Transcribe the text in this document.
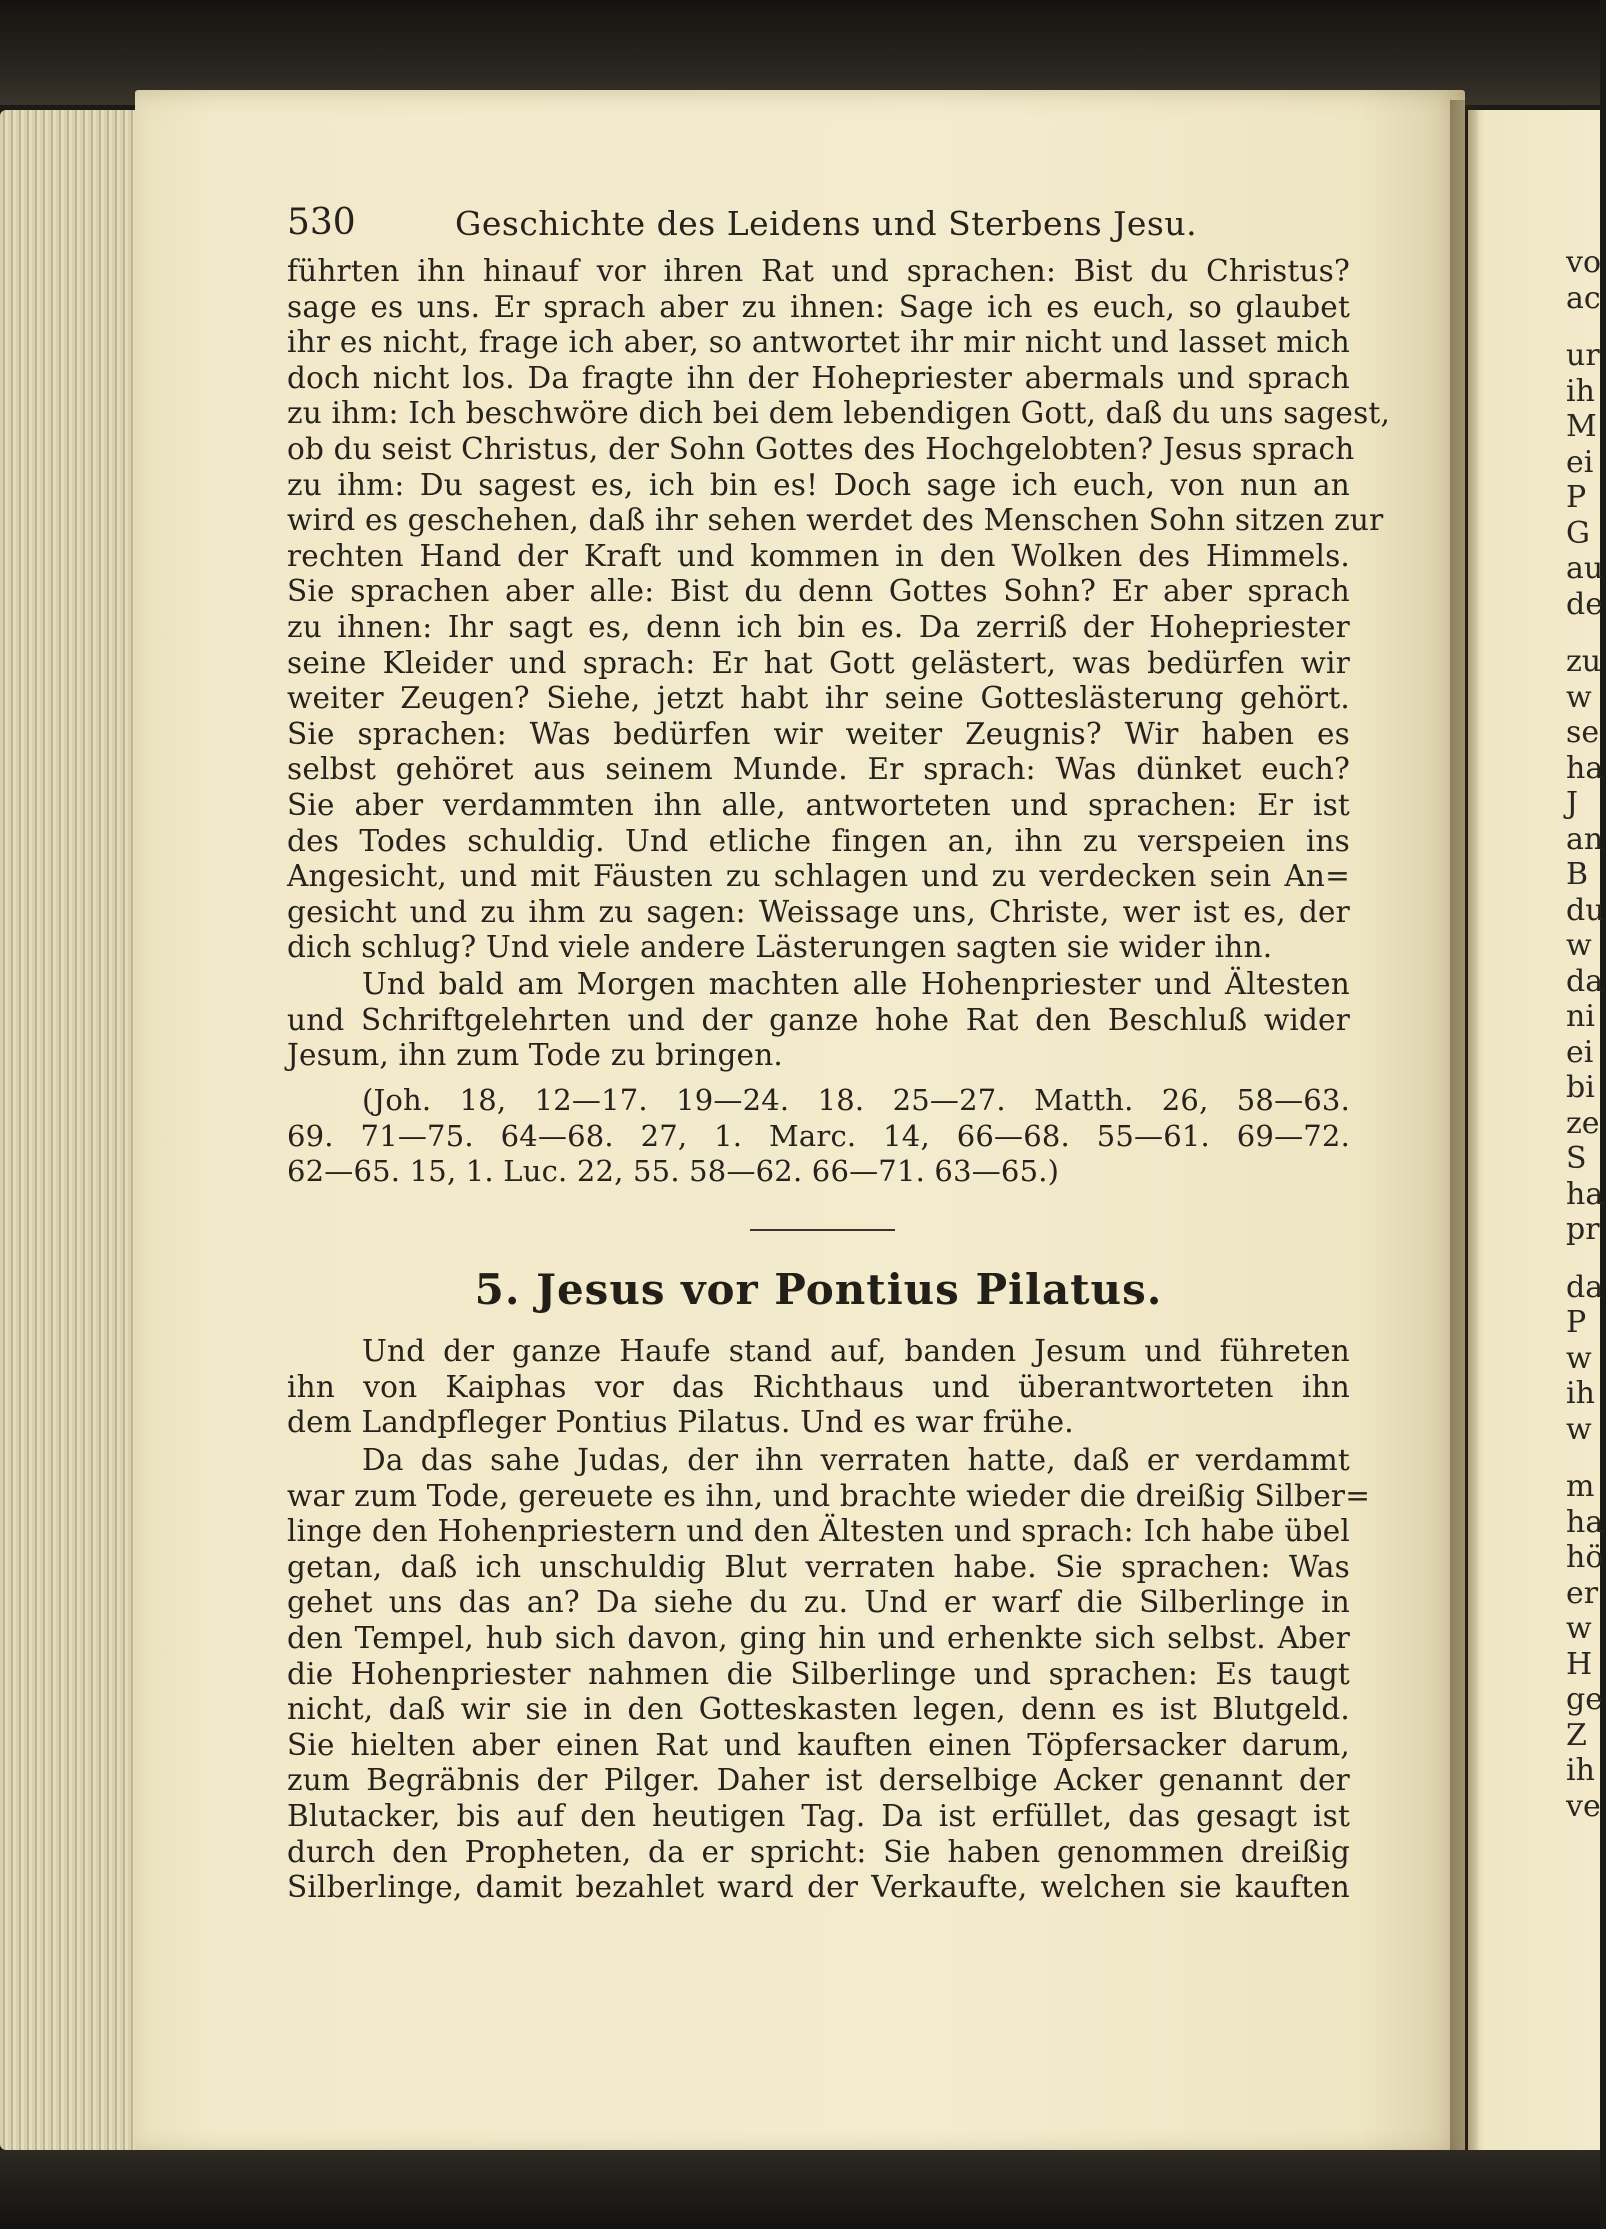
vo
ac
ur
ih
M
ei
P
G
au
de
zu
w
se
ha
J
an
B
du
w
da
ni
ei
bi
ze
S
ha
pr
da
P
w
ih
w
m
ha
hö
er
w
H
ge
Z
ih
ve
530	Geschichte des Leidens und Sterbens Jesu.
führten ihn hinauf vor ihren Rat und sprachen: Bist du Christus?
sage es uns. Er sprach aber zu ihnen: Sage ich es euch, so glaubet
ihr es nicht, frage ich aber, so antwortet ihr mir nicht und lasset mich
doch nicht los. Da fragte ihn der Hohepriester abermals und sprach
zu ihm: Ich beschwöre dich bei dem lebendigen Gott, daß du uns sagest,
ob du seist Christus, der Sohn Gottes des Hochgelobten? Jesus sprach
zu ihm: Du sagest es, ich bin es! Doch sage ich euch, von nun an
wird es geschehen, daß ihr sehen werdet des Menschen Sohn sitzen zur
rechten Hand der Kraft und kommen in den Wolken des Himmels.
Sie sprachen aber alle: Bist du denn Gottes Sohn? Er aber sprach
zu ihnen: Ihr sagt es, denn ich bin es. Da zerriß der Hohepriester
seine Kleider und sprach: Er hat Gott gelästert, was bedürfen wir
weiter Zeugen? Siehe, jetzt habt ihr seine Gotteslästerung gehört.
Sie sprachen: Was bedürfen wir weiter Zeugnis? Wir haben es
selbst gehöret aus seinem Munde. Er sprach: Was dünket euch?
Sie aber verdammten ihn alle, antworteten und sprachen: Er ist
des Todes schuldig. Und etliche fingen an, ihn zu verspeien ins
Angesicht, und mit Fäusten zu schlagen und zu verdecken sein An=
gesicht und zu ihm zu sagen: Weissage uns, Christe, wer ist es, der
dich schlug? Und viele andere Lästerungen sagten sie wider ihn.
Und bald am Morgen machten alle Hohenpriester und Ältesten
und Schriftgelehrten und der ganze hohe Rat den Beschluß wider
Jesum, ihn zum Tode zu bringen.
(Joh. 18, 12—17. 19—24. 18. 25—27. Matth. 26, 58—63.
69. 71—75. 64—68. 27, 1. Marc. 14, 66—68. 55—61. 69—72.
62—65. 15, 1. Luc. 22, 55. 58—62. 66—71. 63—65.)
5. Jesus vor Pontius Pilatus.
Und der ganze Haufe stand auf, banden Jesum und führeten
ihn von Kaiphas vor das Richthaus und überantworteten ihn
dem Landpfleger Pontius Pilatus. Und es war frühe.
Da das sahe Judas, der ihn verraten hatte, daß er verdammt
war zum Tode, gereuete es ihn, und brachte wieder die dreißig Silber=
linge den Hohenpriestern und den Ältesten und sprach: Ich habe übel
getan, daß ich unschuldig Blut verraten habe. Sie sprachen: Was
gehet uns das an? Da siehe du zu. Und er warf die Silberlinge in
den Tempel, hub sich davon, ging hin und erhenkte sich selbst. Aber
die Hohenpriester nahmen die Silberlinge und sprachen: Es taugt
nicht, daß wir sie in den Gotteskasten legen, denn es ist Blutgeld.
Sie hielten aber einen Rat und kauften einen Töpfersacker darum,
zum Begräbnis der Pilger. Daher ist derselbige Acker genannt der
Blutacker, bis auf den heutigen Tag. Da ist erfüllet, das gesagt ist
durch den Propheten, da er spricht: Sie haben genommen dreißig
Silberlinge, damit bezahlet ward der Verkaufte, welchen sie kauften
